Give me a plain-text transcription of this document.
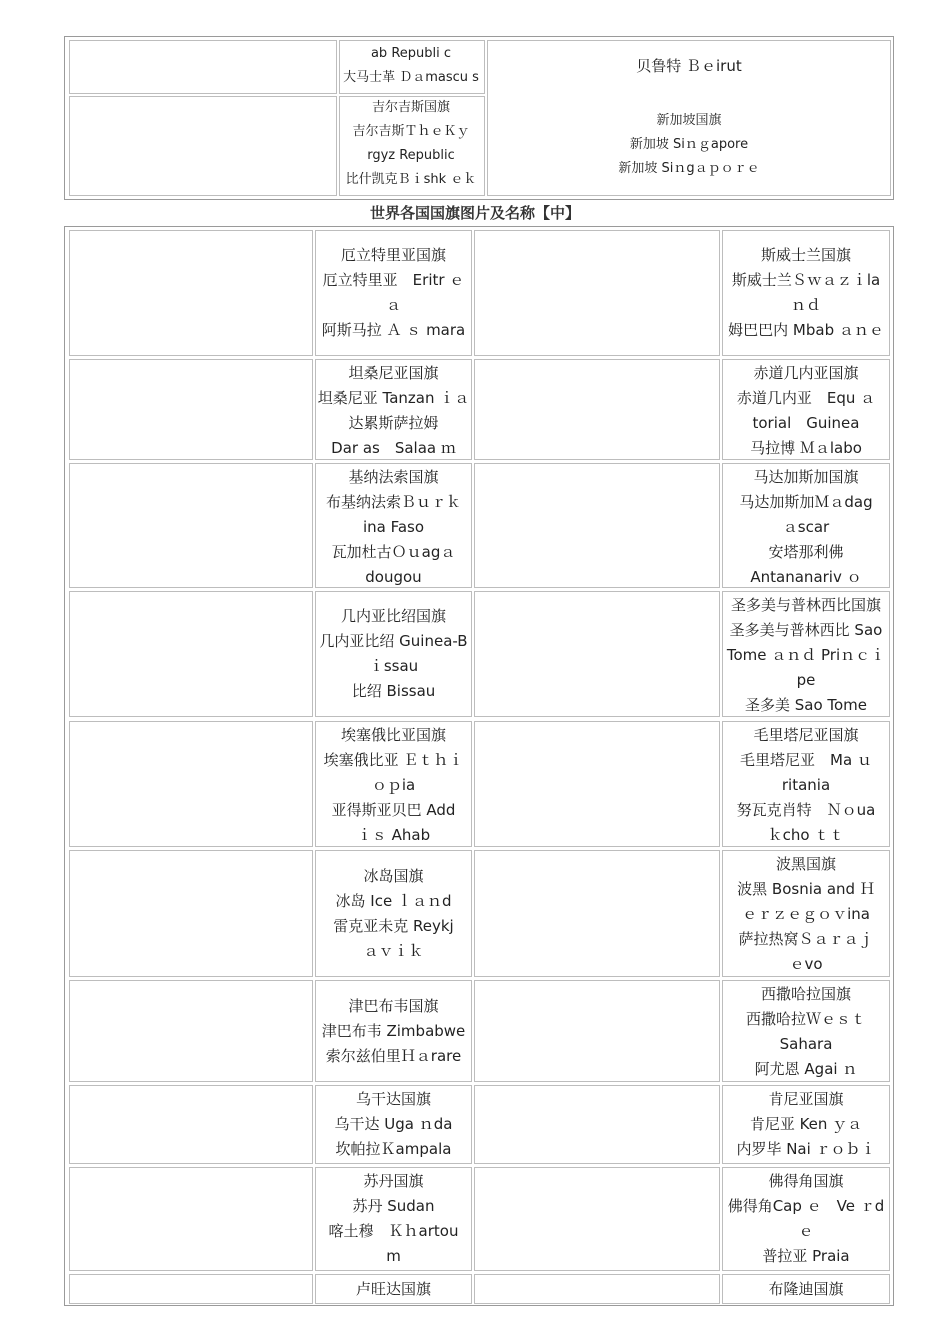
ab Republi c
大马士革 Ｄａmascu s
贝鲁特 Ｂｅirut
吉尔吉斯国旗
吉尔吉斯ＴｈｅＫｙ
rgyz Republic
比什凯克Ｂｉshk ｅｋ
新加坡国旗
新加坡 Siｎｇapore
新加坡 Siｎgａｐｏｒｅ
世界各国国旗图片及名称【中】
厄立特里亚国旗
厄立特里亚　Eritr ｅ
ａ
阿斯马拉 Ａ ｓ mara
斯威士兰国旗
斯威士兰Ｓｗａｚｉla
ｎｄ
姆巴巴内 Mbab ａｎｅ
坦桑尼亚国旗
坦桑尼亚 Tanzan ｉａ
达累斯萨拉姆
Dar as　Salaa ｍ
赤道几内亚国旗
赤道几内亚　Equ ａ
torial　Guinea
马拉博 Ｍａlabo
基纳法索国旗
布基纳法索Ｂｕｒｋ
ina Faso
瓦加杜古Ｏｕagａ
dougou
马达加斯加国旗
马达加斯加Ｍａdag
ａscar
安塔那利佛
Antananariv ｏ
几内亚比绍国旗
几内亚比绍 Guinea-B
ｉssau
比绍 Bissau
圣多美与普林西比国旗
圣多美与普林西比 Sao
Tome ａｎｄ Priｎｃｉ
pe
圣多美 Sao Tome
埃塞俄比亚国旗
埃塞俄比亚 Ｅｔｈｉ
ｏｐia
亚得斯亚贝巴 Add
ｉｓ Ahab
毛里塔尼亚国旗
毛里塔尼亚　Ma ｕ
ritania
努瓦克肖特　Ｎｏua
ｋcho ｔｔ
冰岛国旗
冰岛 Ice ｌａｎd
雷克亚未克 Reykj
ａｖｉｋ
波黑国旗
波黑 Bosnia and Ｈ
ｅｒｚｅｇｏｖina
萨拉热窝Ｓａｒａｊ
ｅvo
津巴布韦国旗
津巴布韦 Zimbabwe
索尔兹伯里Ｈａrare
西撒哈拉国旗
西撒哈拉Ｗｅｓｔ
Sahara
阿尤恩 Agai ｎ
乌干达国旗
乌干达 Uga ｎda
坎帕拉Ｋampala
肯尼亚国旗
肯尼亚 Ken ｙａ
内罗毕 Nai ｒｏｂｉ
苏丹国旗
苏丹 Sudan
喀土穆　Ｋｈartou
m
佛得角国旗
佛得角Cap ｅ　Ve ｒd
ｅ
普拉亚 Praia
卢旺达国旗	布隆迪国旗
